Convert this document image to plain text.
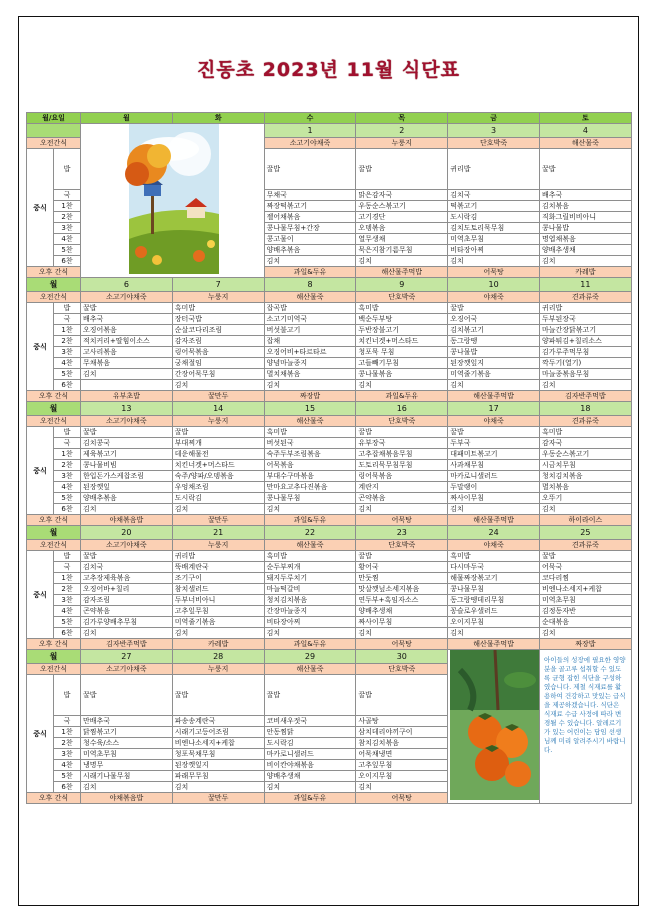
진동초 2023년 11월 식단표
월/요일		월	화	수	목	금	토
		1	2	3	4
오전간식				소고기야채죽	누룽지	단호박죽	해산물죽
중식	밥			꿀밥	꿀밥	귀리밥	꿀밥
	국			무채국	맑은감자국	김치국	배추국
	1찬			짜장떡볶고기	우동순스볶고기	떡볶고기	김치볶음
	2찬			젤어채볶음	고기경단	도시락김	직화그릴비비아니
	3찬			콩나물무침+간장	오뎅볶음	김치도토리묵무침	콩나물밥
	4찬			콩고물이	열무생채	미역초무침	명엽채볶음
	5찬			양배추볶음	묵은지참기름무침	비타장아찌	양배추생채
	6찬			김치	김치	김치	김치
오후 간식				과일&두유	해산물주먹밥	어묵탕	카레밥
월		6	7	8	9	10	11
오전간식		소고기야채죽	누룽지	해산물죽	단호박죽	야채죽	견과류죽
중식	밥	꿀밥	흑미밥	잡곡밥	흑미밥	꿀밥	귀리밥
	국	배추국	장터국밥	소고기미역국	백순두부탕	오징어국	두부된장국
	1찬	오징어볶음	순살코다리조림	버섯불고기	두반장불고기	김치볶고기	마늘간장닭볶고기
	2찬	적치커리+딸힘이소스	감자조림	잡채	치킨너겟+머스타드	동그랑땡	양파튀김+칠리소스
	3찬	고사리볶음	링어묵볶음	오징어비+타르타르	청포묵 무침	콩나물밥	김가루주먹무침
	4찬	무채볶음	궁채절임	양념마늘종지	고들빼기무침	된장깻잎지	깍두기(열기)
	5찬	김치	간장어묵무침	멸치채볶음	콩나물볶음	미역줄기볶음	마늘종볶음무침
	6찬		김치	김치	김치	김치	김치
오후 간식		유부초밥	꿀만두	짜장밥	과일&두유	해산물주먹밥	김자반주먹밥
월		13	14	15	16	17	18
오전간식		소고기야채죽	누룽지	해산물죽	단호박죽	야채죽	견과류죽
중식	밥	꿀밥	꿀밥	흑미밥	꿀밥	꿀밥	흑미밥
	국	김치콩국	부대찌개	버섯된국	유부장국	두부국	감자국
	1찬	제육볶고기	데운해물전	숙주두부조림볶음	고추잡채볶음무침	대패미트볶고기	우동순스볶고기
	2찬	콩나물비빔	치킨너겟+머스타드	어묵볶음	도토리묵무침무침	사과채무침	시금치무침
	3찬	한입돈가스케찹조림	숙주/양파/오뎅볶음	부대수구마볶음	링어묵볶음	마카로니샐러드	청치김치볶음
	4찬	된장깻잎	우엉채조림	만마요고추다진볶음	계란지	두말랭이	멸치볶음
	5찬	양배추볶음	도시락김	콩나물무침	곤약볶음	짜사이무침	오뚜기
	6찬	김치	김치	김치	김치	김치	김치
오후 간식		야채볶음밥	꿀만두	과일&두유	어묵탕	해산물주먹밥	하이라이스
월		20	21	22	23	24	25
오전간식		소고기야채죽	누룽지	해산물죽	단호박죽	야채죽	견과류죽
중식	밥	꿀밥	귀리밥	흑미밥	꿀밥	흑미밥	꿀밥
	국	김치국	뚝배계란국	순두부찌개	황어국	다시마두국	어묵국
	1찬	고추장제육볶음	조기구이	돼지두루치기	만둣찜	해물짜장볶고기	코다리찜
	2찬	오징어바+칠리	참치샐러드	마늘떡갈비	맛살깻닢소세지볶음	콩나물무침	비엔나소세지+케찹
	3찬	감자조림	두부너비아니	청치김치볶음	연두부+흑임자소스	동그랑땡데리무침	미역초무침
	4찬	곤약볶음	고추잎무침	간장마늘종지	양배추생채	꽁슬로우샐러드	김정동자반
	5찬	김가루양배추무침	미역줄기볶음	비타장아찌	짜사이무침	오이지무침	순대볶음
	6찬	김치	김치	김치	김치	김치	김치
오후 간식		김자반주먹밥	카레밥	과일&두유	어묵탕	해산물주먹밥	짜장밥
월		27	28	29	30		아이들의 성장에 필요한 영양분을 골고루 섭취할 수 있도록 균형 잡힌 식단을 구성하였습니다. 제철 식재료를 활용하여 건강하고 맛있는 급식을 제공하겠습니다. 식단은 식재료 수급 사정에 따라 변경될 수 있습니다. 알레르기가 있는 어린이는 담임 선생님께 미리 알려주시기 바랍니다.
오전간식		소고기야채죽	누룽지	해산물죽	단호박죽		
중식	밥	꿀밥	꿀밥	꿀밥	꿀밥		
	국	만배추국	파송송계란국	코비새우젓국	사골탕		
	1찬	닭찜볶고기	시래기고등어조림	안동찜닭	삼치데리야끼구이		
	2찬	청수육/소스	비엔나소세지+케찹	도시락김	참치김치볶음		
	3찬	미역초무침	청포묵채무침	마카로니샐러드	어묵채냉면		
	4찬	냉명무	된장깻잎지	비이칸야채볶음	고추잎무침		
	5찬	시래기나물무침	파래무무침	양배추생채	오이지무침		
	6찬	김치	김치	김치	김치		
오후 간식		야채볶음밥	꿀만두	과일&두유	어묵탕		
